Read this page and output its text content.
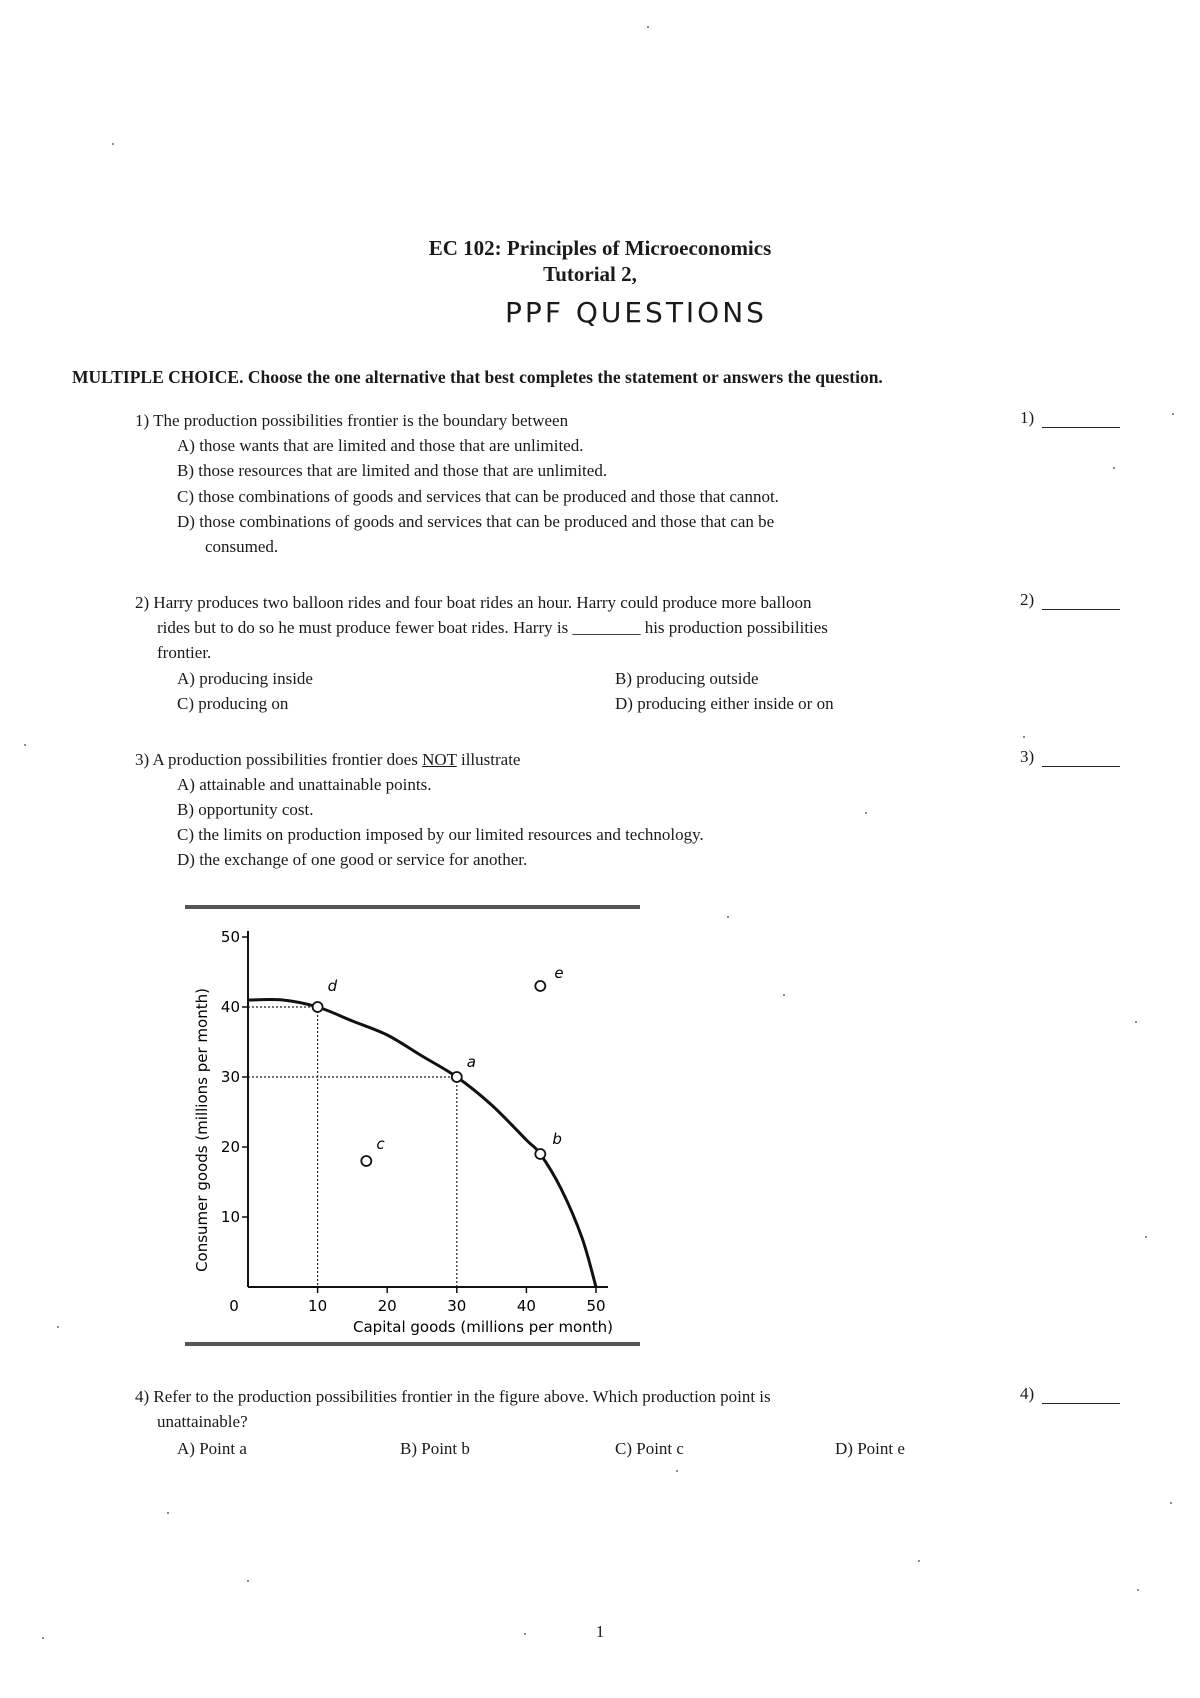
EC 102: Principles of Microeconomics
Tutorial 2,
PPF QUESTIONS
MULTIPLE CHOICE. Choose the one alternative that best completes the statement or answers the question.
1) The production possibilities frontier is the boundary between	1)
A) those wants that are limited and those that are unlimited.
B) those resources that are limited and those that are unlimited.
C) those combinations of goods and services that can be produced and those that cannot.
D) those combinations of goods and services that can be produced and those that can be
consumed.
2) Harry produces two balloon rides and four boat rides an hour. Harry could produce more balloon
rides but to do so he must produce fewer boat rides. Harry is ________ his production possibilities
frontier.
2)
A) producing inside	B) producing outside
C) producing on	D) producing either inside or on
3) A production possibilities frontier does NOT illustrate	3)
A) attainable and unattainable points.
B) opportunity cost.
C) the limits on production imposed by our limited resources and technology.
D) the exchange of one good or service for another.
0	10	20	30	40	50
10
20
30
40
50
d
a
b
c
e
Capital goods (millions per month)
Consumer goods (millions per month)
4) Refer to the production possibilities frontier in the figure above. Which production point is
unattainable?
4)
A) Point a	B) Point b	C) Point c	D) Point e
1
